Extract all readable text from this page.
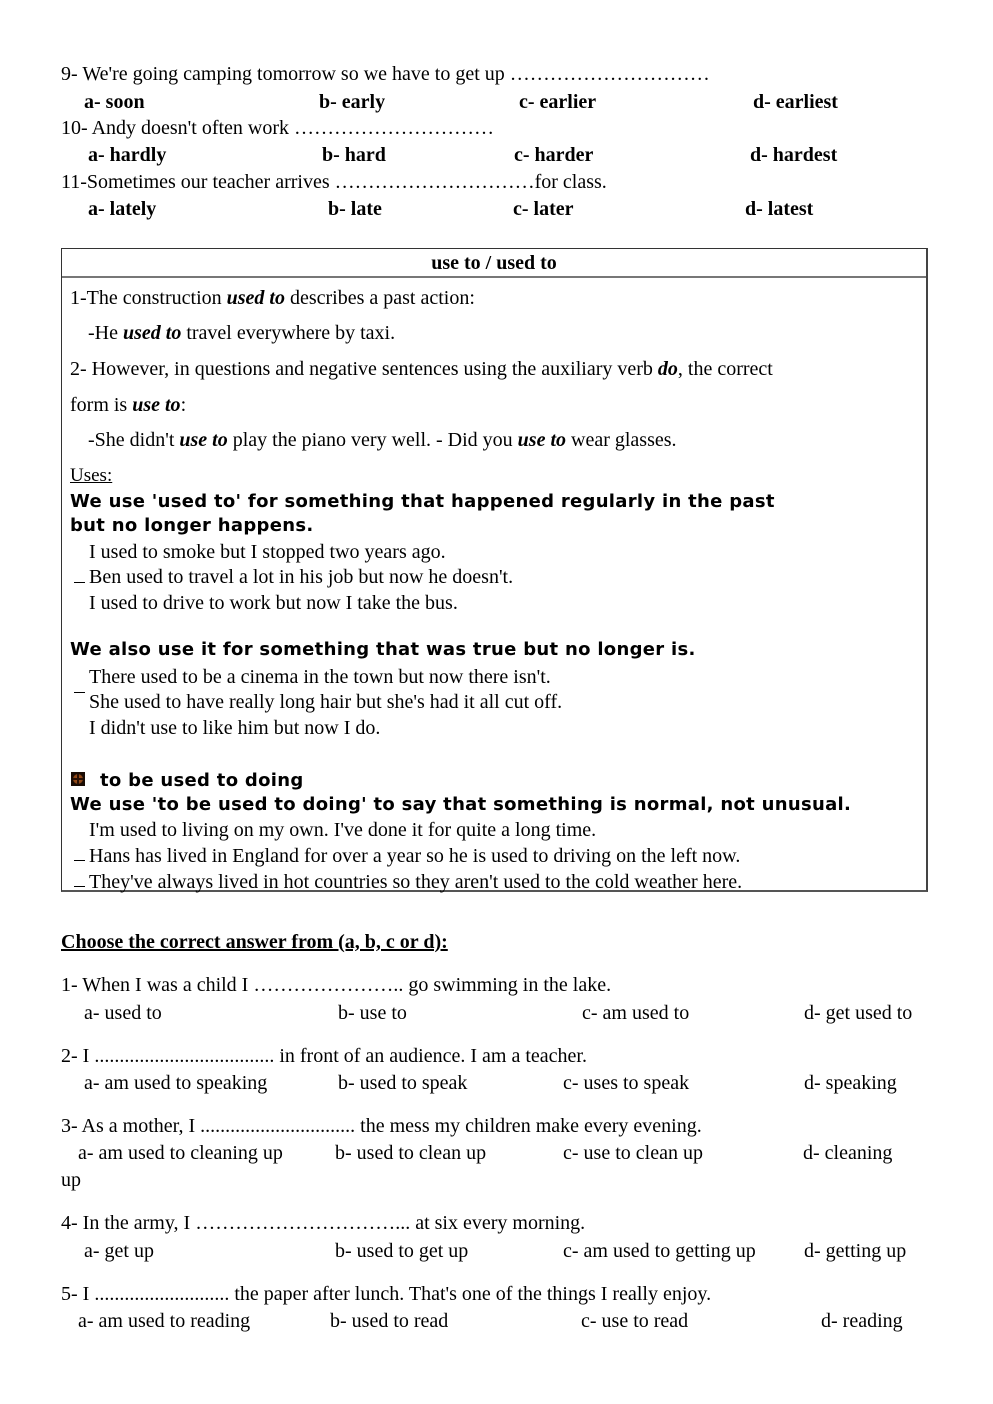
9- We're going camping tomorrow so we have to get up …………………………
a- soon	b- early	c- earlier	d- earliest
10- Andy doesn't often work …………………………
a- hardly	b- hard	c- harder	d- hardest
11-Sometimes our teacher arrives …………………………for class.
a- lately	b- late	c- later	d- latest
use to / used to
1-The construction used to describes a past action:
-He used to travel everywhere by taxi.
2- However, in questions and negative sentences using the auxiliary verb do, the correct
form is use to:
-She didn't use to play the piano very well. - Did you use to wear glasses.
Uses:
We use 'used to' for something that happened regularly in the past
but no longer happens.
I used to smoke but I stopped two years ago.
Ben used to travel a lot in his job but now he doesn't.
I used to drive to work but now I take the bus.
We also use it for something that was true but no longer is.
There used to be a cinema in the town but now there isn't.
She used to have really long hair but she's had it all cut off.
I didn't use to like him but now I do.
to be used to doing
We use 'to be used to doing' to say that something is normal, not unusual.
I'm used to living on my own. I've done it for quite a long time.
Hans has lived in England for over a year so he is used to driving on the left now.
They've always lived in hot countries so they aren't used to the cold weather here.
Choose the correct answer from (a, b, c or d):
1- When I was a child I ………………….. go swimming in the lake.
a- used to	b- use to	c- am used to	d- get used to
2- I .................................... in front of an audience. I am a teacher.
a- am used to speaking	b- used to speak	c- uses to speak	d- speaking
3- As a mother, I ............................... the mess my children make every evening.
a- am used to cleaning up	b- used to clean up	c- use to clean up	d- cleaning
up
4- In the army, I …………………………... at six every morning.
a- get up	b- used to get up	c- am used to getting up d- getting up
5- I ........................... the paper after lunch. That's one of the things I really enjoy.
a- am used to reading	b- used to read	c- use to read	d- reading
